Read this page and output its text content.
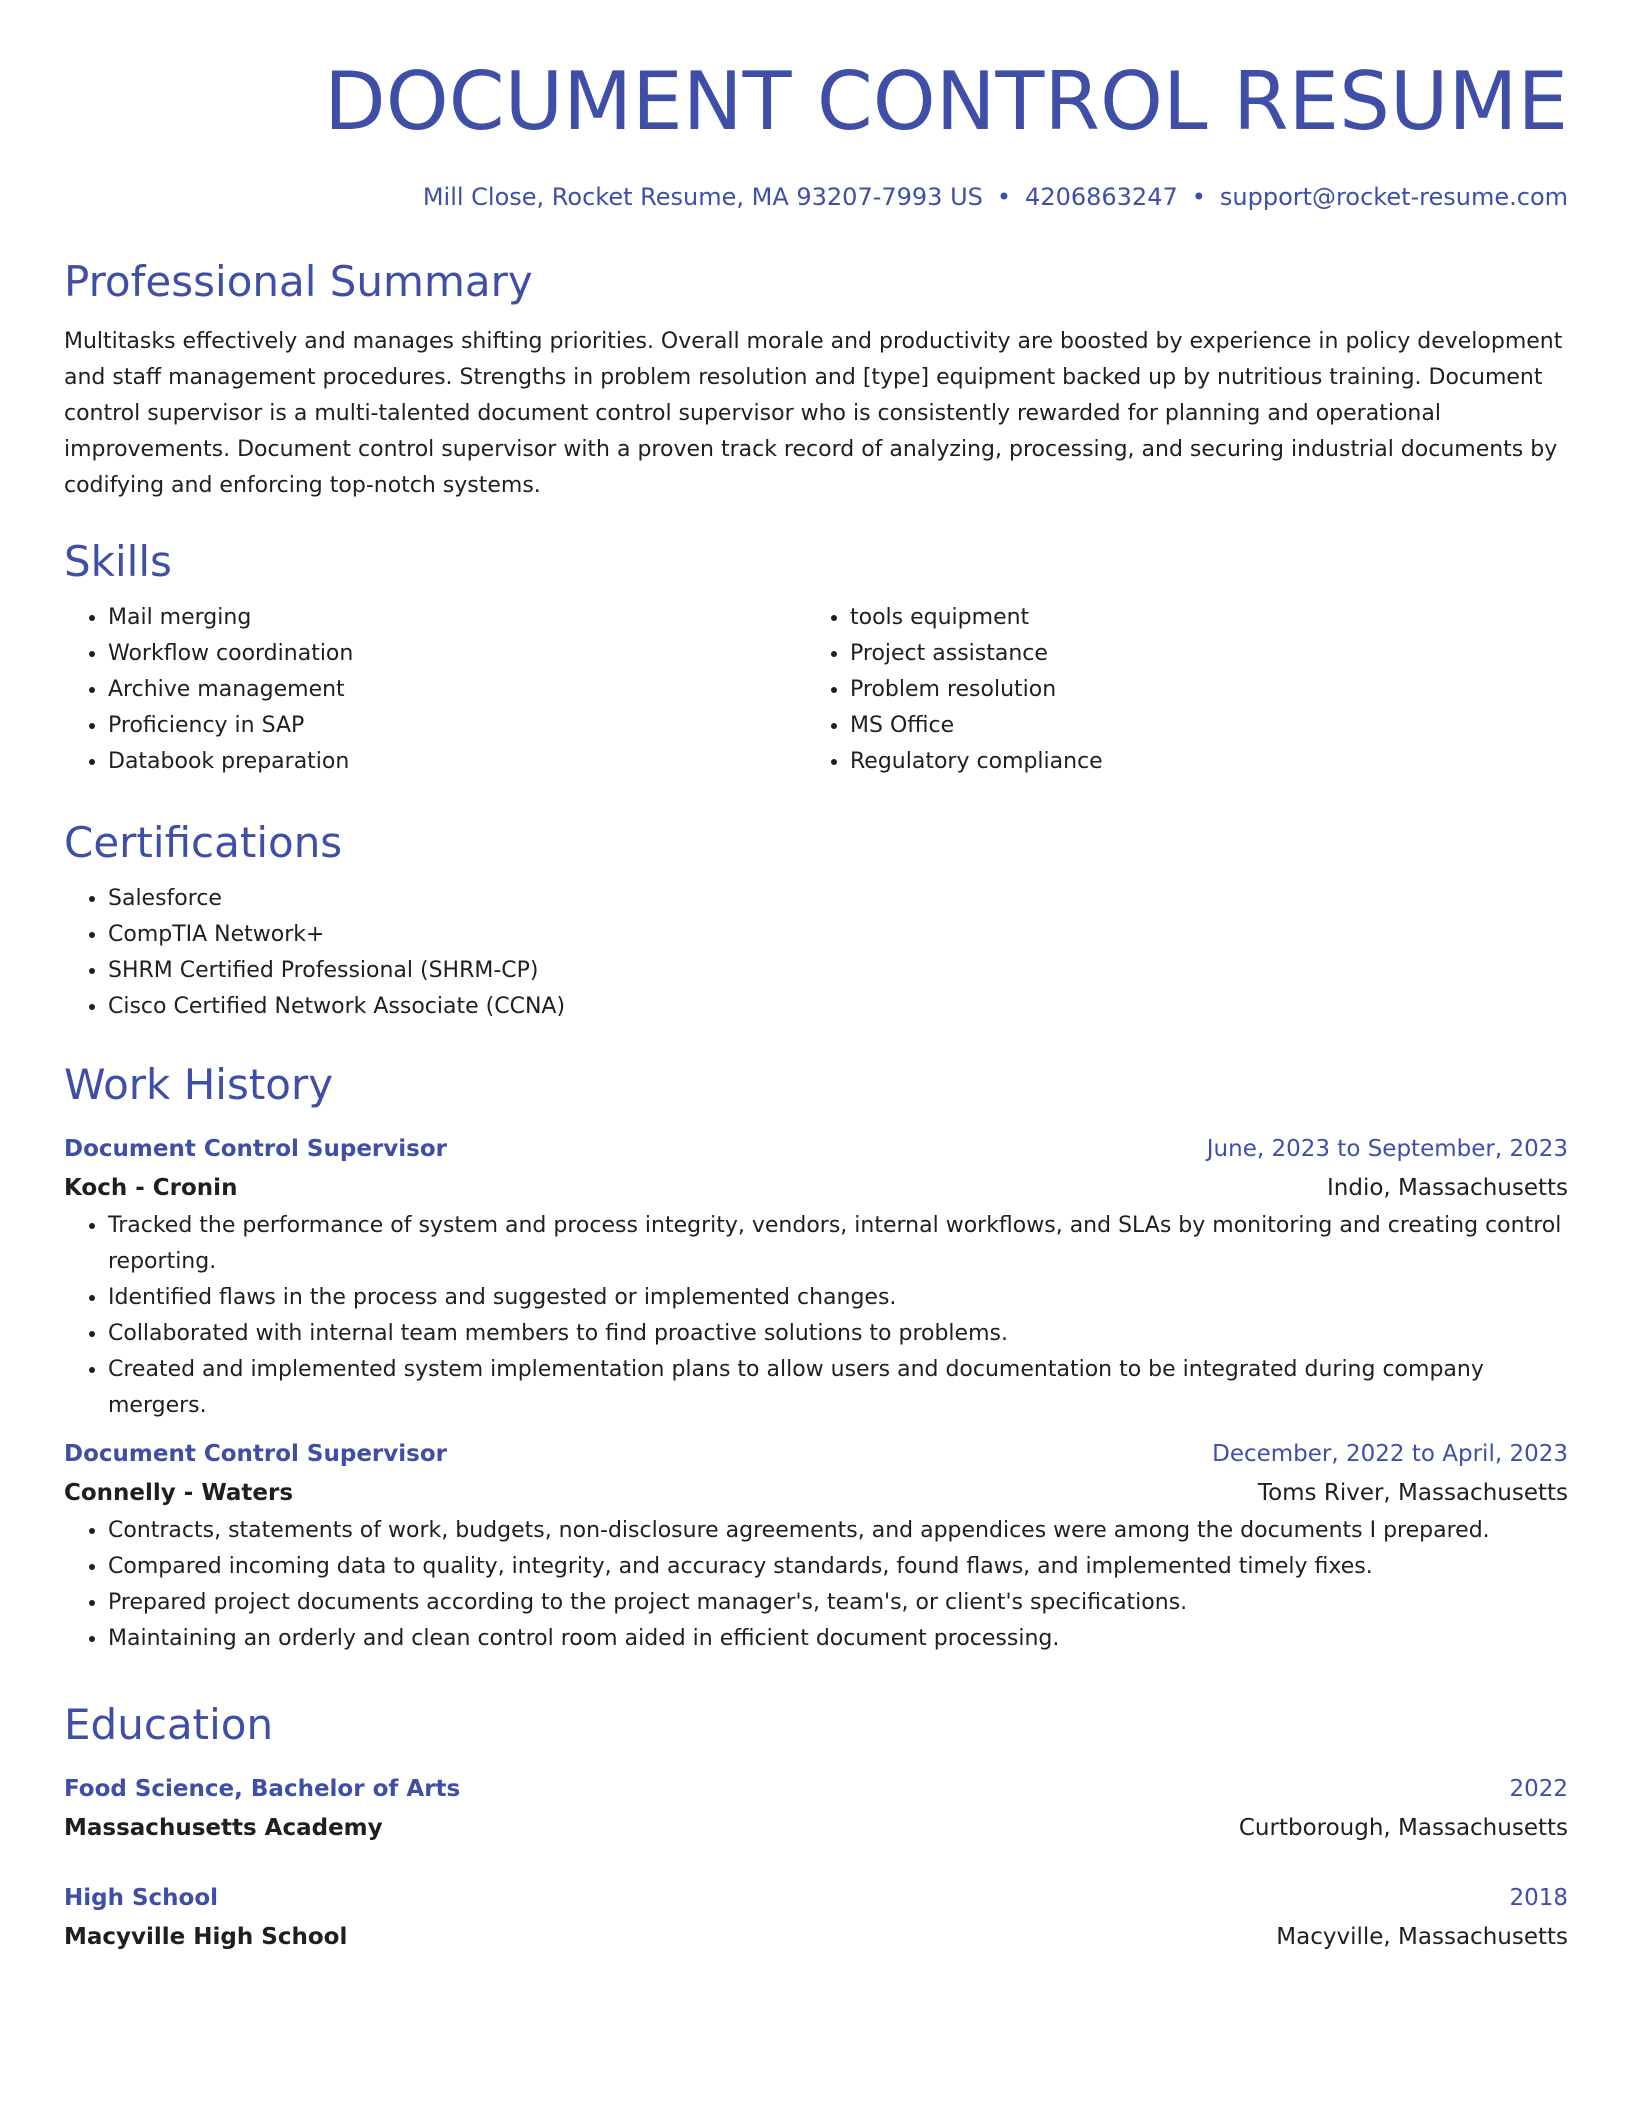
DOCUMENT CONTROL RESUME
Mill Close, Rocket Resume, MA 93207-7993 US • 4206863247 • support@rocket-resume.com
Professional Summary

Multitasks effectively and manages shifting priorities. Overall morale and productivity are boosted by experience in policy development and staff management procedures. Strengths in problem resolution and [type] equipment backed up by nutritious training. Document control supervisor is a multi-talented document control supervisor who is consistently rewarded for planning and operational improvements. Document control supervisor with a proven track record of analyzing, processing, and securing industrial documents by codifying and enforcing top-notch systems.

Skills
• Mail merging
• Workflow coordination
• Archive management
• Proficiency in SAP
• Databook preparation
• tools equipment
• Project assistance
• Problem resolution
• MS Office
• Regulatory compliance
Certifications
• Salesforce
• CompTIA Network+
• SHRM Certified Professional (SHRM-CP)
• Cisco Certified Network Associate (CCNA)
Work History
Document Control Supervisor	June, 2023 to September, 2023
Koch - Cronin	Indio, Massachusetts
• Tracked the performance of system and process integrity, vendors, internal workflows, and SLAs by monitoring and creating control reporting.
• Identified flaws in the process and suggested or implemented changes.
• Collaborated with internal team members to find proactive solutions to problems.
• Created and implemented system implementation plans to allow users and documentation to be integrated during company mergers.
Document Control Supervisor	December, 2022 to April, 2023
Connelly - Waters	Toms River, Massachusetts
• Contracts, statements of work, budgets, non-disclosure agreements, and appendices were among the documents I prepared.
• Compared incoming data to quality, integrity, and accuracy standards, found flaws, and implemented timely fixes.
• Prepared project documents according to the project manager's, team's, or client's specifications.
• Maintaining an orderly and clean control room aided in efficient document processing.
Education
Food Science, Bachelor of Arts	2022
Massachusetts Academy	Curtborough, Massachusetts
High School	2018
Macyville High School	Macyville, Massachusetts
